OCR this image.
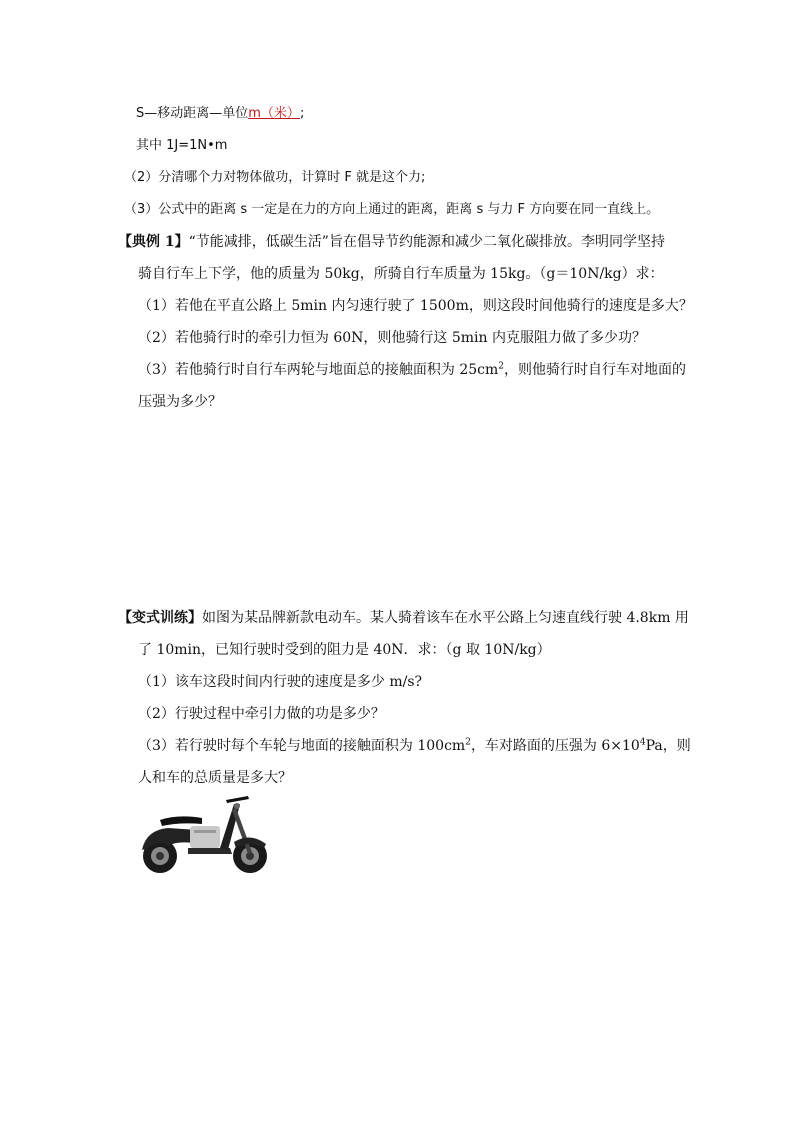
S—移动距离—单位m（米）;
其中 1J=1N•m
（2）分清哪个力对物体做功，计算时 F 就是这个力;
（3）公式中的距离 s 一定是在力的方向上通过的距离，距离 s 与力 F 方向要在同一直线上。
【典例 1】“节能减排，低碳生活”旨在倡导节约能源和减少二氧化碳排放。李明同学坚持
骑自行车上下学，他的质量为 50kg，所骑自行车质量为 15kg。（g＝10N/kg）求：
（1）若他在平直公路上 5min 内匀速行驶了 1500m，则这段时间他骑行的速度是多大？
（2）若他骑行时的牵引力恒为 60N，则他骑行这 5min 内克服阻力做了多少功？
（3）若他骑行时自行车两轮与地面总的接触面积为 $25cm^2$，则他骑行时自行车对地面的
压强为多少？
【变式训练】如图为某品牌新款电动车。某人骑着该车在水平公路上匀速直线行驶 4.8km 用
了 10min，已知行驶时受到的阻力是 40N．求：（g 取 10N/kg）
（1）该车这段时间内行驶的速度是多少 m/s?
（2）行驶过程中牵引力做的功是多少？
（3）若行驶时每个车轮与地面的接触面积为 $100cm^2$，车对路面的压强为 $6\times 10^4Pa$，则
人和车的总质量是多大？
